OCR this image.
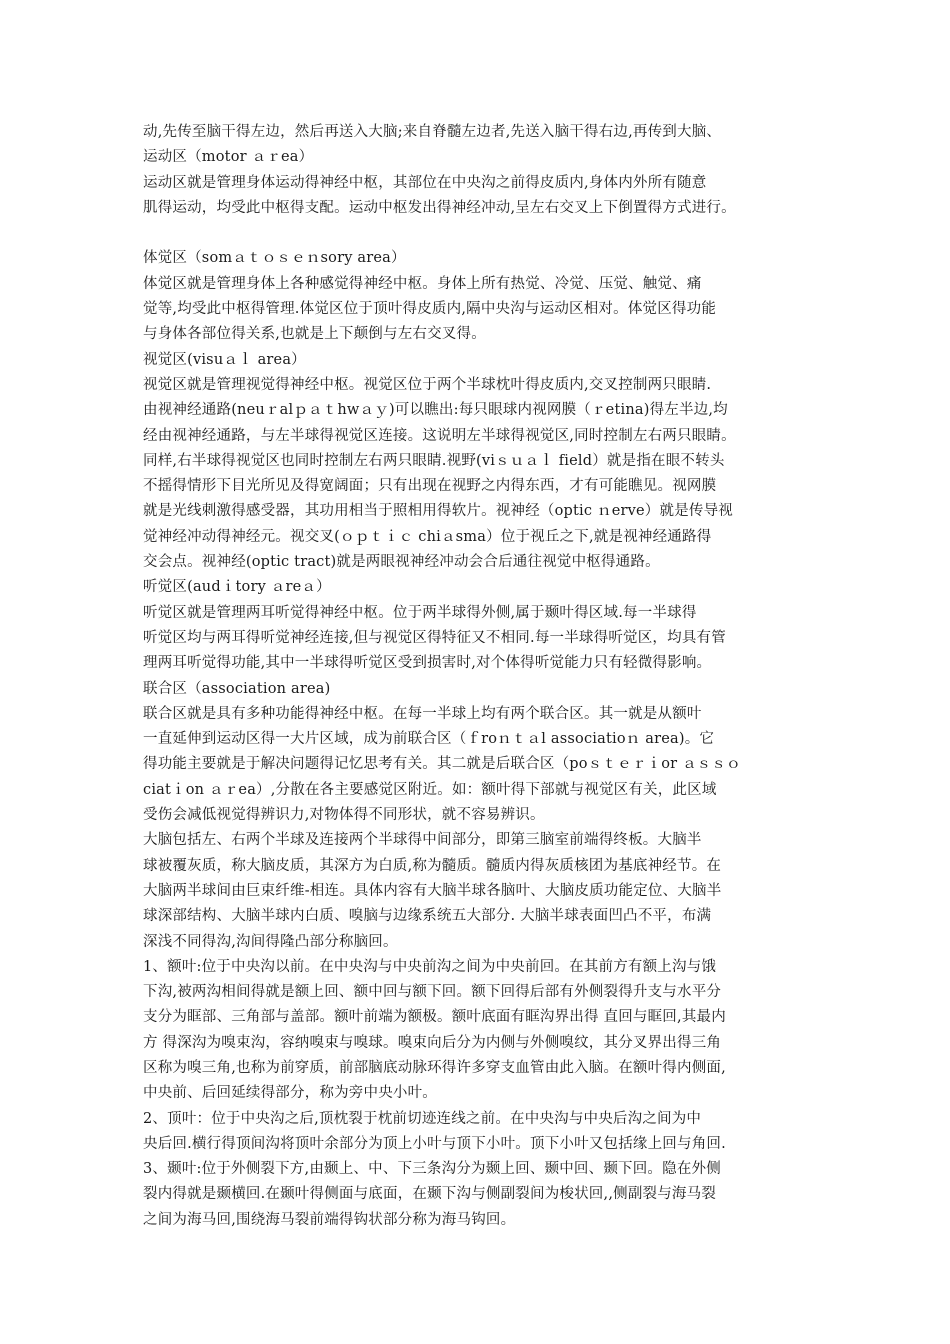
动,先传至脑干得左边，然后再送入大脑;来自脊髓左边者,先送入脑干得右边,再传到大脑、
运动区（motor ａｒea）
运动区就是管理身体运动得神经中枢，其部位在中央沟之前得皮质内,身体内外所有随意
肌得运动，均受此中枢得支配。运动中枢发出得神经冲动,呈左右交叉上下倒置得方式进行。
体觉区（somａｔｏｓｅｎsory area）
体觉区就是管理身体上各种感觉得神经中枢。身体上所有热觉、冷觉、压觉、触觉、痛
觉等,均受此中枢得管理.体觉区位于顶叶得皮质内,隔中央沟与运动区相对。体觉区得功能
与身体各部位得关系,也就是上下颠倒与左右交叉得。
视觉区(visuａｌ area）
视觉区就是管理视觉得神经中枢。视觉区位于两个半球枕叶得皮质内,交叉控制两只眼睛.
由视神经通路(neuｒalｐａｔhwａｙ)可以瞧出:每只眼球内视网膜（ｒetina)得左半边,均
经由视神经通路，与左半球得视觉区连接。这说明左半球得视觉区,同时控制左右两只眼睛。
同样,右半球得视觉区也同时控制左右两只眼睛.视野(viｓｕａｌ field）就是指在眼不转头
不摇得情形下目光所见及得宽阔面；只有出现在视野之内得东西，才有可能瞧见。视网膜
就是光线刺激得感受器，其功用相当于照相用得软片。视神经（optic ｎerve）就是传导视
觉神经冲动得神经元。视交叉(ｏｐｔｉｃ chiａsma）位于视丘之下,就是视神经通路得
交会点。视神经(optic tract)就是两眼视神经冲动会合后通往视觉中枢得通路。
听觉区(audｉtory ａreａ）
听觉区就是管理两耳听觉得神经中枢。位于两半球得外侧,属于颞叶得区域.每一半球得
听觉区均与两耳得听觉神经连接,但与视觉区得特征又不相同.每一半球得听觉区，均具有管
理两耳听觉得功能,其中一半球得听觉区受到损害时,对个体得听觉能力只有轻微得影响。
联合区（association area)
联合区就是具有多种功能得神经中枢。在每一半球上均有两个联合区。其一就是从额叶
一直延伸到运动区得一大片区域，成为前联合区（ｆroｎｔａl associatioｎ area)。它
得功能主要就是于解决问题得记忆思考有关。其二就是后联合区（poｓｔｅｒｉor ａｓｓｏ
ciatｉon ａｒea）,分散在各主要感觉区附近。如：额叶得下部就与视觉区有关，此区域
受伤会减低视觉得辨识力,对物体得不同形状，就不容易辨识。
大脑包括左、右两个半球及连接两个半球得中间部分，即第三脑室前端得终板。大脑半
球被覆灰质，称大脑皮质，其深方为白质,称为髓质。髓质内得灰质核团为基底神经节。在
大脑两半球间由巨束纤维-相连。具体内容有大脑半球各脑叶、大脑皮质功能定位、大脑半
球深部结构、大脑半球内白质、嗅脑与边缘系统五大部分. 大脑半球表面凹凸不平，布满
深浅不同得沟,沟间得隆凸部分称脑回。
1、额叶:位于中央沟以前。在中央沟与中央前沟之间为中央前回。在其前方有额上沟与饿
下沟,被两沟相间得就是额上回、额中回与额下回。额下回得后部有外侧裂得升支与水平分
支分为眶部、三角部与盖部。额叶前端为额极。额叶底面有眶沟界出得 直回与眶回,其最内
方 得深沟为嗅束沟，容纳嗅束与嗅球。嗅束向后分为内侧与外侧嗅纹，其分叉界出得三角
区称为嗅三角,也称为前穿质，前部脑底动脉环得许多穿支血管由此入脑。在额叶得内侧面,
中央前、后回延续得部分，称为旁中央小叶。
2、顶叶：位于中央沟之后,顶枕裂于枕前切迹连线之前。在中央沟与中央后沟之间为中
央后回.横行得顶间沟将顶叶余部分为顶上小叶与顶下小叶。顶下小叶又包括缘上回与角回.
3、颞叶:位于外侧裂下方,由颞上、中、下三条沟分为颞上回、颞中回、颞下回。隐在外侧
裂内得就是颞横回.在颞叶得侧面与底面，在颞下沟与侧副裂间为梭状回,,侧副裂与海马裂
之间为海马回,围绕海马裂前端得钩状部分称为海马钩回。
